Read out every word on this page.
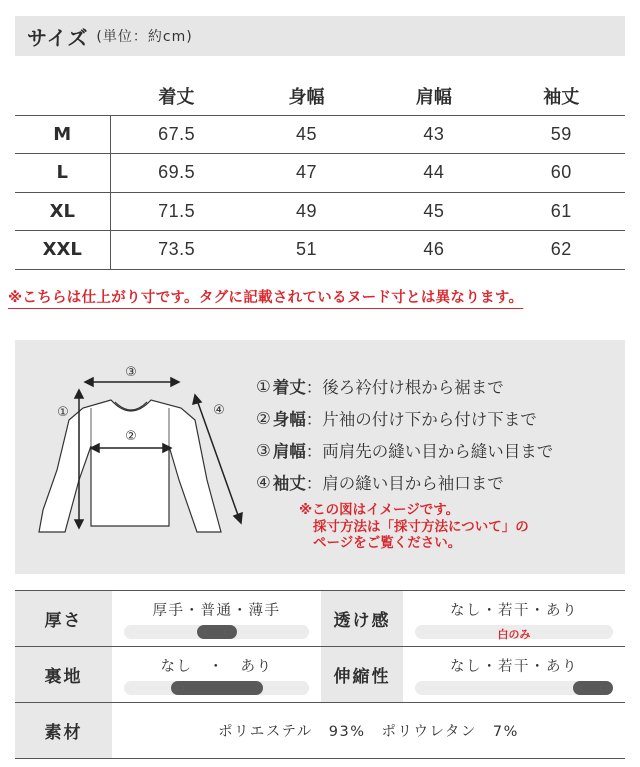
サイズ (単位：約cm)
	着丈	身幅	肩幅	袖丈
M	67.5	45	43	59
L	69.5	47	44	60
XL	71.5	49	45	61
XXL	73.5	51	46	62
※こちらは仕上がり寸です。タグに記載されているヌード寸とは異なります。
③
②
①	④
① 着丈 ：後ろ衿付け根から裾まで
② 身幅 ：片袖の付け下から付け下まで
③ 肩幅 ：両肩先の縫い目から縫い目まで
④ 袖丈 ：肩の縫い目から袖口まで
※この図はイメージです。
採寸方法は「採寸方法について」の
ページをご覧ください。
厚さ	厚手・普通・薄手	透け感	なし・若干・あり
白のみ

裏地	なし　・　あり	伸縮性	なし・若干・あり

素材	ポリエステル　93%　ポリウレタン　7%		
